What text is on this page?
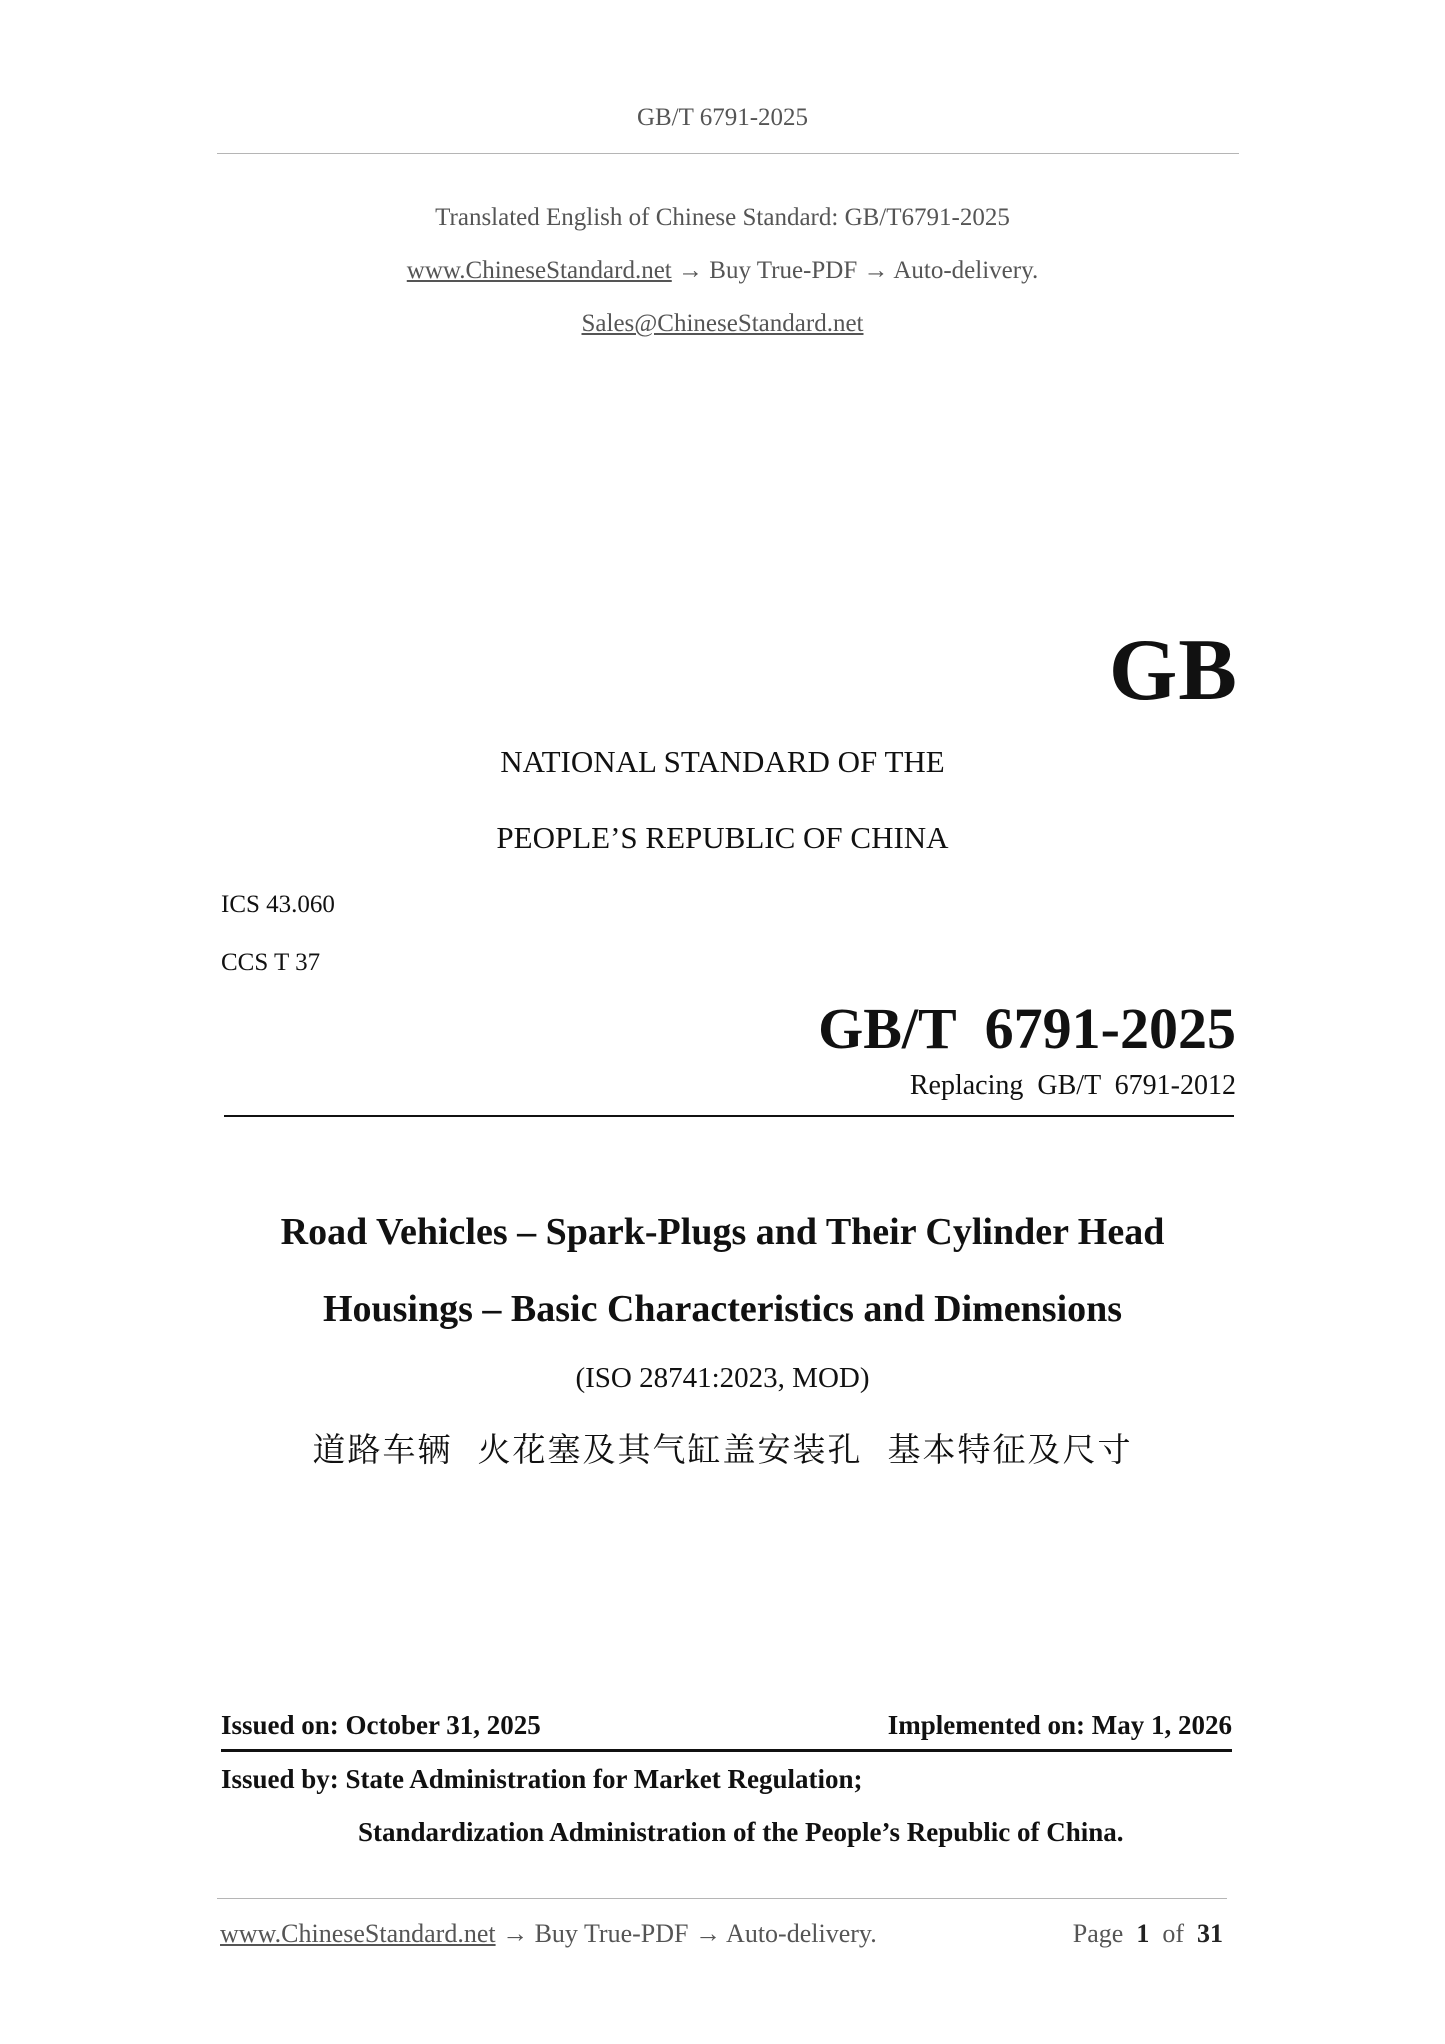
GB/T 6791-2025
Translated English of Chinese Standard: GB/T6791-2025
www.ChineseStandard.net → Buy True-PDF → Auto-delivery.
Sales@ChineseStandard.net
GB
NATIONAL STANDARD OF THE
PEOPLE’S REPUBLIC OF CHINA
ICS 43.060
CCS T 37
GB/T  6791-2025
Replacing  GB/T  6791-2012
Road Vehicles – Spark-Plugs and Their Cylinder Head
Housings – Basic Characteristics and Dimensions
(ISO 28741:2023, MOD)
道路车辆  火花塞及其气缸盖安装孔  基本特征及尺寸
Issued on: October 31, 2025	Implemented on: May 1, 2026
Issued by: State Administration for Market Regulation;
Standardization Administration of the People’s Republic of China.
www.ChineseStandard.net → Buy True-PDF → Auto-delivery.	Page 1 of 31
